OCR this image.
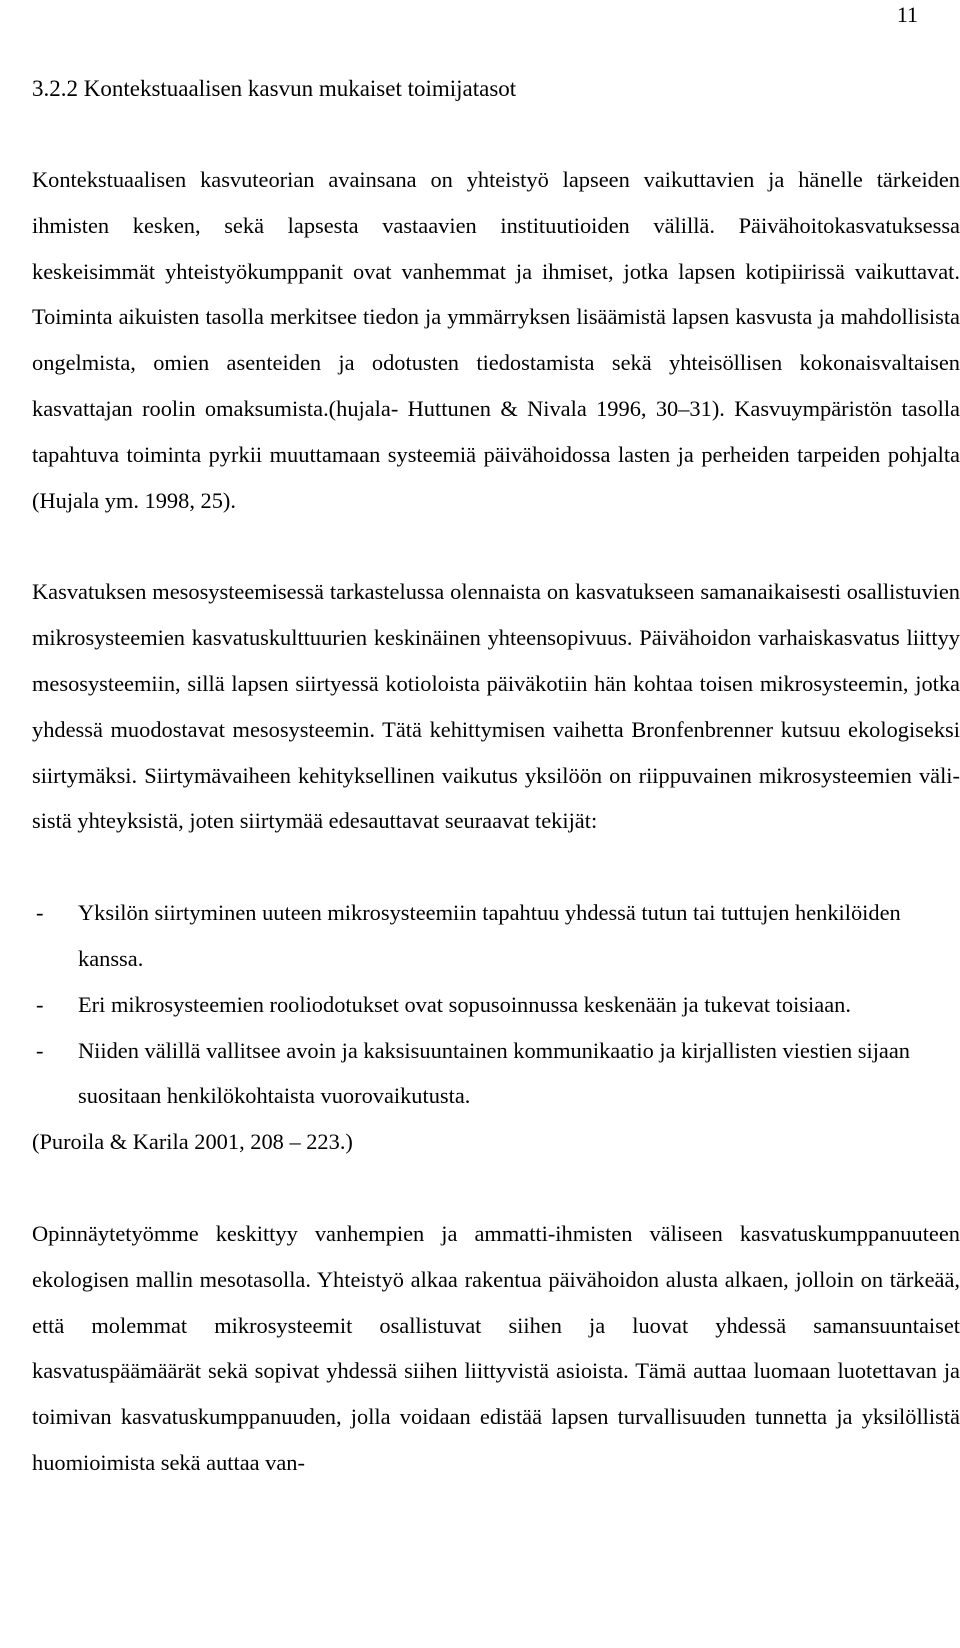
11
3.2.2 Kontekstuaalisen kasvun mukaiset toimijatasot

Kontekstuaalisen kasvuteorian avainsana on yhteistyö lapseen vaikuttavien ja hänelle tärkeiden ihmisten kesken, sekä lapsesta vastaavien instituutioiden välillä. Päivähoitokasvatuksessa keskeisimmät yhteistyökumppanit ovat vanhemmat ja ihmiset, jotka lapsen kotipiirissä vaikuttavat. Toiminta aikuisten tasolla merkitsee tiedon ja ymmärryksen lisäämistä lapsen kasvusta ja mahdollisista ongelmista, omien asenteiden ja odotusten tiedostamista sekä yhteisöllisen kokonaisvaltaisen kasvattajan roolin omaksumista.(hujala- Huttunen & Nivala 1996, 30–31). Kasvuympäristön tasolla tapahtuva toiminta pyrkii muuttamaan systeemiä päivähoidossa lasten ja perheiden tarpeiden pohjalta (Hujala ym. 1998, 25).

Kasvatuksen mesosysteemisessä tarkastelussa olennaista on kasvatukseen samanaikaisesti osallistuvien mikrosysteemien kasvatuskulttuurien keskinäinen yhteensopivuus. Päivähoidon varhaiskasvatus liittyy mesosysteemiin, sillä lapsen siirtyessä kotioloista päiväkotiin hän kohtaa toisen mikrosysteemin, jotka yhdessä muodostavat mesosysteemin. Tätä kehittymisen vaihetta Bronfenbrenner kutsuu ekologiseksi siirtymäksi. Siirtymävaiheen kehityksellinen vaikutus yksilöön on riippuvainen mikrosysteemien välisistä yhteyksistä, joten siirtymää edesauttavat seuraavat tekijät:

- Yksilön siirtyminen uuteen mikrosysteemiin tapahtuu yhdessä tutun tai tuttujen henkilöiden kanssa.
- Eri mikrosysteemien rooliodotukset ovat sopusoinnussa keskenään ja tukevat toisiaan.
- Niiden välillä vallitsee avoin ja kaksisuuntainen kommunikaatio ja kirjallisten viestien sijaan suositaan henkilökohtaista vuorovaikutusta.

(Puroila & Karila 2001, 208 – 223.)

Opinnäytetyömme keskittyy vanhempien ja ammatti-ihmisten väliseen kasvatuskumppanuuteen ekologisen mallin mesotasolla. Yhteistyö alkaa rakentua päivähoidon alusta alkaen, jolloin on tärkeää, että molemmat mikrosysteemit osallistuvat siihen ja luovat yhdessä samansuuntaiset kasvatuspäämäärät sekä sopivat yhdessä siihen liittyvistä asioista. Tämä auttaa luomaan luotettavan ja toimivan kasvatuskumppanuuden, jolla voidaan edistää lapsen turvallisuuden tunnetta ja yksilöllistä huomioimista sekä auttaa van-
